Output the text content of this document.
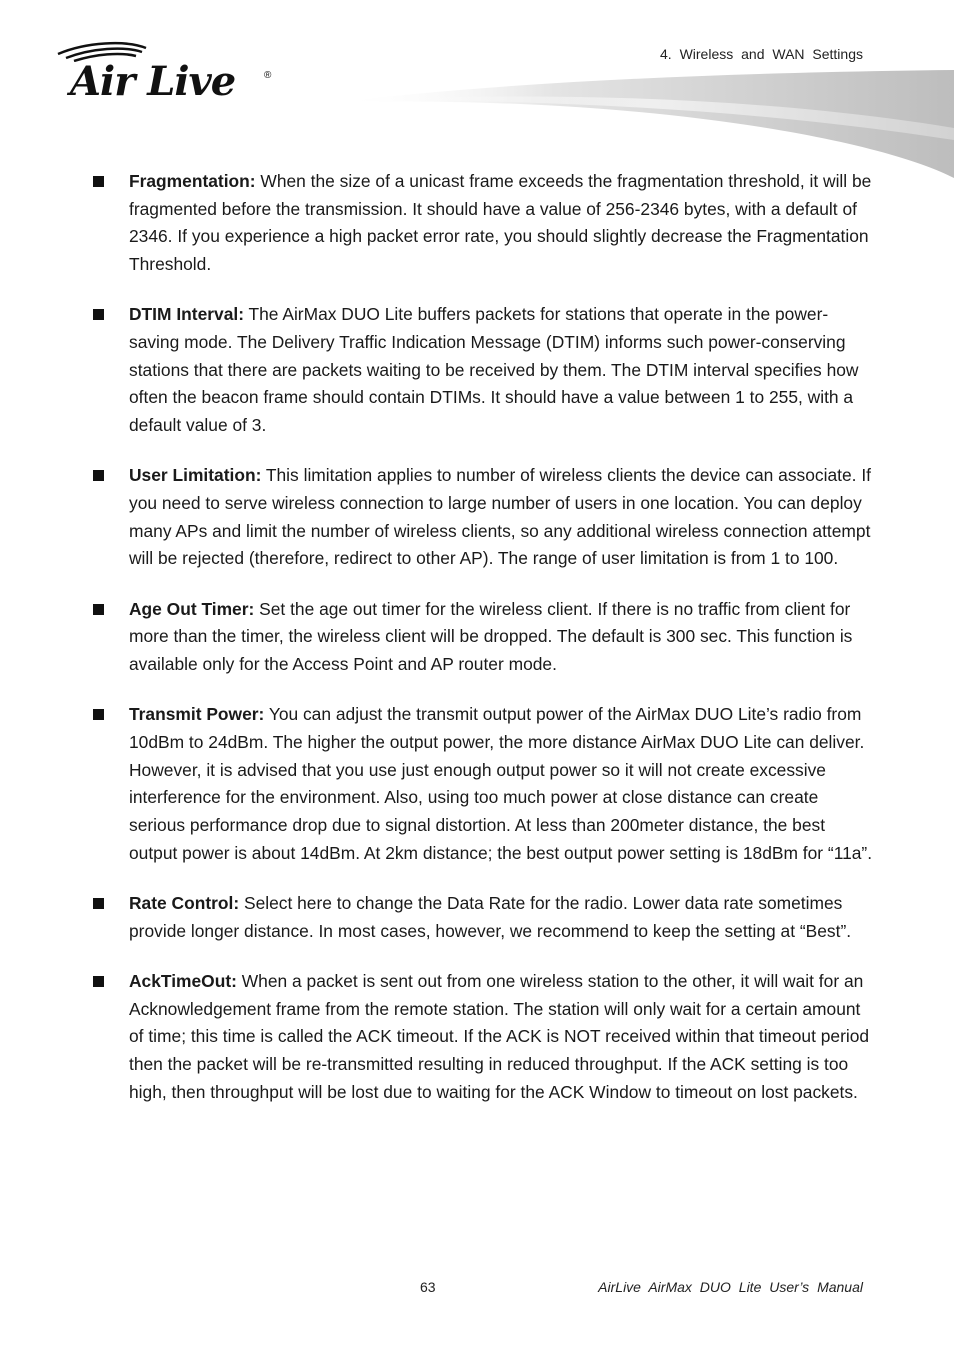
Air Live	®
4. Wireless and WAN Settings
Fragmentation: When the size of a unicast frame exceeds the fragmentation threshold, it will be fragmented before the transmission. It should have a value of 256-2346 bytes, with a default of 2346. If you experience a high packet error rate, you should slightly decrease the Fragmentation Threshold.
DTIM Interval: The AirMax DUO Lite buffers packets for stations that operate in the power-saving mode. The Delivery Traffic Indication Message (DTIM) informs such power-conserving stations that there are packets waiting to be received by them. The DTIM interval specifies how often the beacon frame should contain DTIMs. It should have a value between 1 to 255, with a default value of 3.
User Limitation: This limitation applies to number of wireless clients the device can associate. If you need to serve wireless connection to large number of users in one location. You can deploy many APs and limit the number of wireless clients, so any additional wireless connection attempt will be rejected (therefore, redirect to other AP). The range of user limitation is from 1 to 100.
Age Out Timer: Set the age out timer for the wireless client. If there is no traffic from client for more than the timer, the wireless client will be dropped. The default is 300 sec. This function is available only for the Access Point and AP router mode.
Transmit Power: You can adjust the transmit output power of the AirMax DUO Lite’s radio from 10dBm to 24dBm. The higher the output power, the more distance AirMax DUO Lite can deliver. However, it is advised that you use just enough output power so it will not create excessive interference for the environment. Also, using too much power at close distance can create serious performance drop due to signal distortion. At less than 200meter distance, the best output power is about 14dBm. At 2km distance; the best output power setting is 18dBm for “11a”.
Rate Control: Select here to change the Data Rate for the radio. Lower data rate sometimes provide longer distance. In most cases, however, we recommend to keep the setting at “Best”.
AckTimeOut: When a packet is sent out from one wireless station to the other, it will wait for an Acknowledgement frame from the remote station. The station will only wait for a certain amount of time; this time is called the ACK timeout. If the ACK is NOT received within that timeout period then the packet will be re-transmitted resulting in reduced throughput. If the ACK setting is too high, then throughput will be lost due to waiting for the ACK Window to timeout on lost packets.
63	AirLive AirMax DUO Lite User’s Manual
